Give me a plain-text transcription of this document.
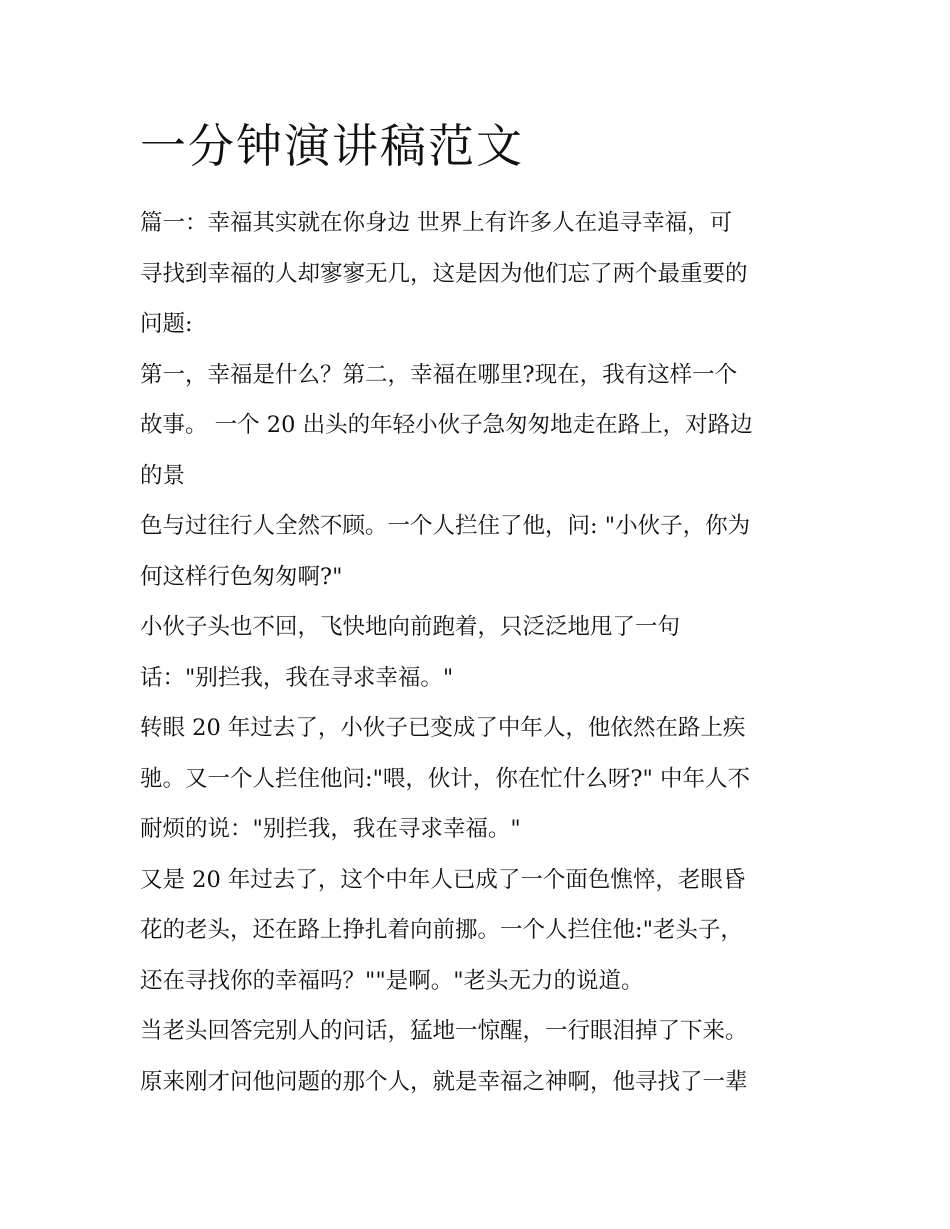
一分钟演讲稿范文
篇一：幸福其实就在你身边 世界上有许多人在追寻幸福，可
寻找到幸福的人却寥寥无几，这是因为他们忘了两个最重要的
问题:
第一，幸福是什么？第二，幸福在哪里?现在，我有这样一个
故事。 一个 20 出头的年轻小伙子急匆匆地走在路上，对路边
的景
色与过往行人全然不顾。一个人拦住了他，问: "小伙子，你为
何这样行色匆匆啊?"
小伙子头也不回，飞快地向前跑着，只泛泛地甩了一句
话："别拦我，我在寻求幸福。"
转眼 20 年过去了，小伙子已变成了中年人，他依然在路上疾
驰。又一个人拦住他问:"喂，伙计，你在忙什么呀?" 中年人不
耐烦的说："别拦我，我在寻求幸福。"
又是 20 年过去了，这个中年人已成了一个面色憔悴，老眼昏
花的老头，还在路上挣扎着向前挪。一个人拦住他:"老头子，
还在寻找你的幸福吗？""是啊。"老头无力的说道。
当老头回答完别人的问话，猛地一惊醒，一行眼泪掉了下来。
原来刚才问他问题的那个人，就是幸福之神啊，他寻找了一辈
